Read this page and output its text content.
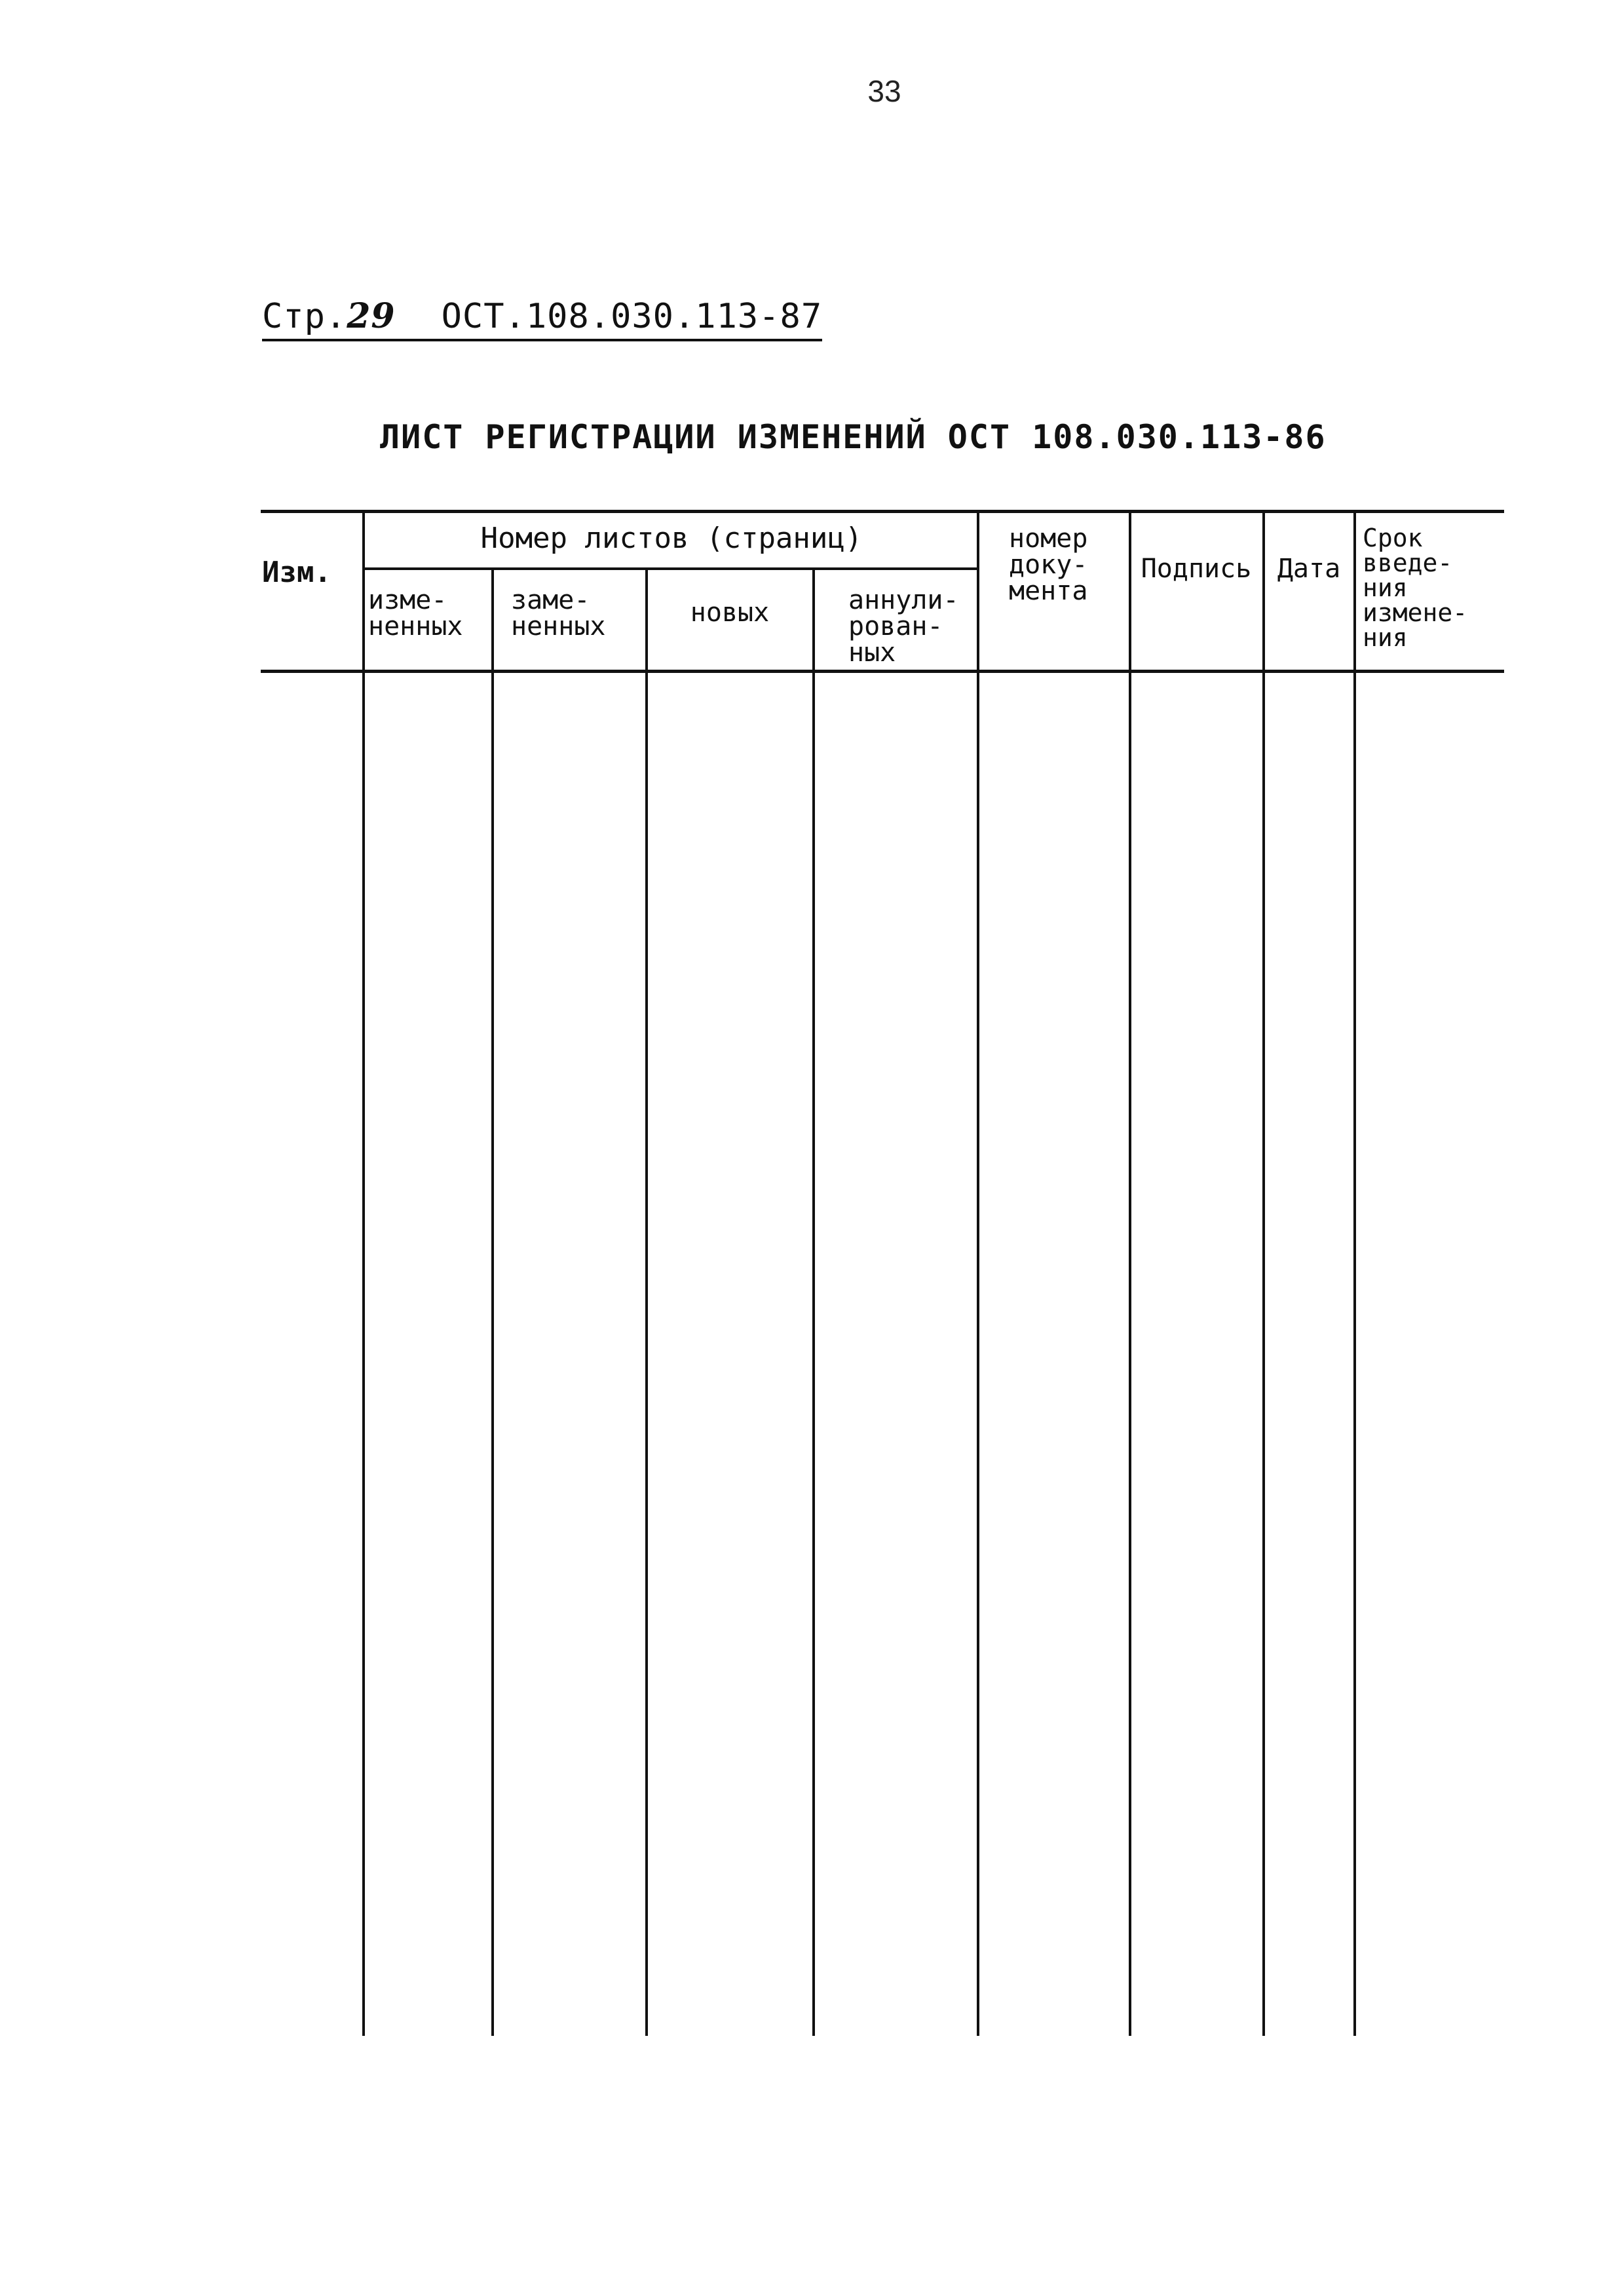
33
Стр.29 ОСТ.108.030.113-87
ЛИСТ РЕГИСТРАЦИИ ИЗМЕНЕНИЙ ОСТ 108.030.113-86
Изм.
Номер листов (страниц)
изме-
ненных
заме-
ненных	новых	аннули-
рован-
ных
номер
доку-
мента
Подпись Дата
Срок
введе-
ния
измене-
ния
